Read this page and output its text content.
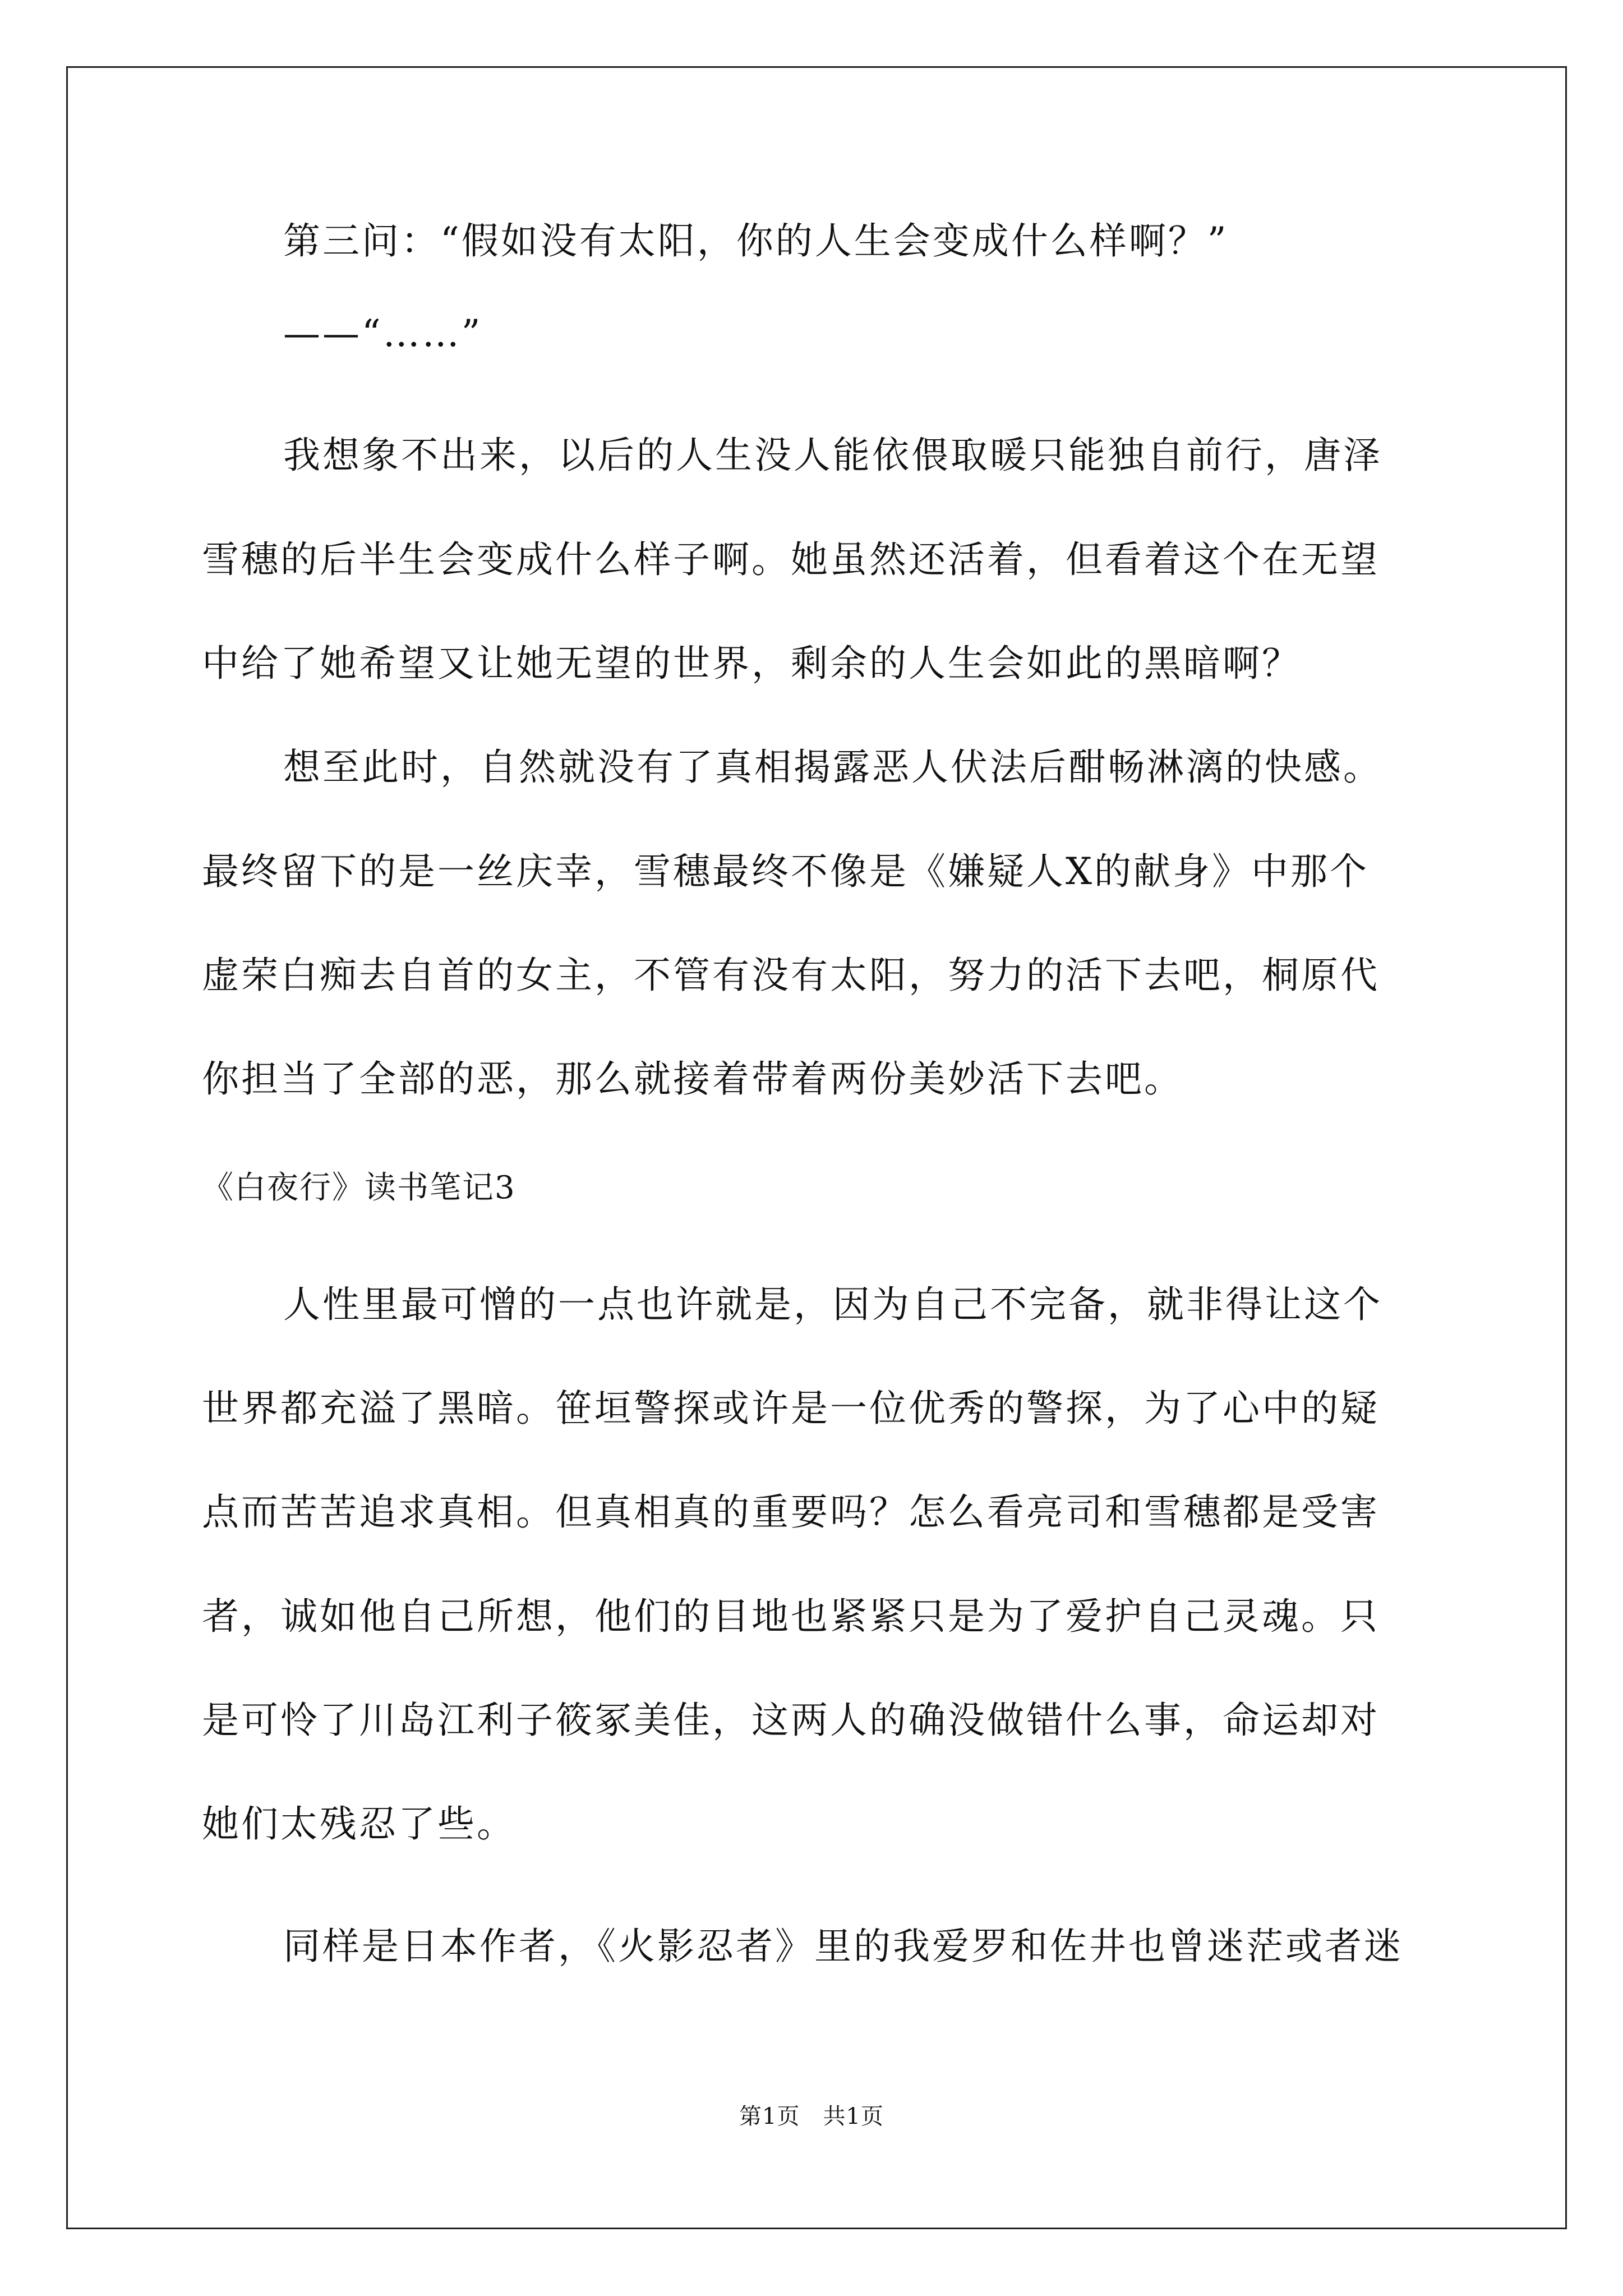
第三问：“假如没有太阳，你的人生会变成什么样啊？”
——“……”
我想象不出来，以后的人生没人能依偎取暖只能独自前行，唐泽
雪穗的后半生会变成什么样子啊。她虽然还活着，但看着这个在无望
中给了她希望又让她无望的世界，剩余的人生会如此的黑暗啊？
想至此时，自然就没有了真相揭露恶人伏法后酣畅淋漓的快感。
最终留下的是一丝庆幸，雪穗最终不像是《嫌疑人X的献身》中那个
虚荣白痴去自首的女主，不管有没有太阳，努力的活下去吧，桐原代
你担当了全部的恶，那么就接着带着两份美妙活下去吧。
《白夜行》读书笔记3
人性里最可憎的一点也许就是，因为自己不完备，就非得让这个
世界都充溢了黑暗。笹垣警探或许是一位优秀的警探，为了心中的疑
点而苦苦追求真相。但真相真的重要吗？怎么看亮司和雪穗都是受害
者，诚如他自己所想，他们的目地也紧紧只是为了爱护自己灵魂。只
是可怜了川岛江利子筱冢美佳，这两人的确没做错什么事，命运却对
她们太残忍了些。
同样是日本作者，《火影忍者》里的我爱罗和佐井也曾迷茫或者迷
第1页　共1页
